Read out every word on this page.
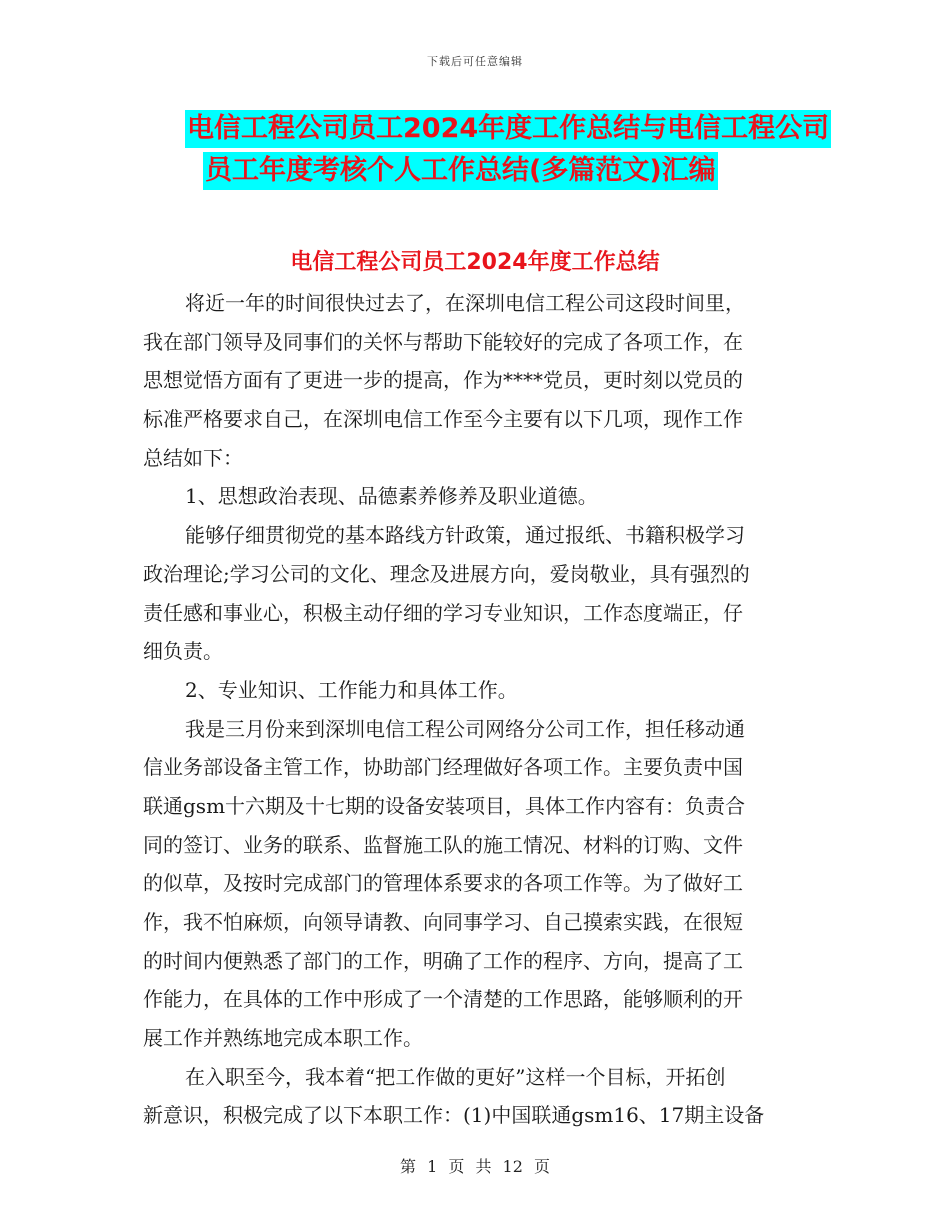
下载后可任意编辑
电信工程公司员工2024年度工作总结与电信工程公司
员工年度考核个人工作总结(多篇范文)汇编
电信工程公司员工2024年度工作总结
将近一年的时间很快过去了，在深圳电信工程公司这段时间里，
我在部门领导及同事们的关怀与帮助下能较好的完成了各项工作，在
思想觉悟方面有了更进一步的提高，作为****党员，更时刻以党员的
标准严格要求自己，在深圳电信工作至今主要有以下几项，现作工作
总结如下：
1、思想政治表现、品德素养修养及职业道德。
能够仔细贯彻党的基本路线方针政策，通过报纸、书籍积极学习
政治理论;学习公司的文化、理念及进展方向，爱岗敬业，具有强烈的
责任感和事业心，积极主动仔细的学习专业知识，工作态度端正，仔
细负责。
2、专业知识、工作能力和具体工作。
我是三月份来到深圳电信工程公司网络分公司工作，担任移动通
信业务部设备主管工作，协助部门经理做好各项工作。主要负责中国
联通gsm十六期及十七期的设备安装项目，具体工作内容有：负责合
同的签订、业务的联系、监督施工队的施工情况、材料的订购、文件
的似草，及按时完成部门的管理体系要求的各项工作等。为了做好工
作，我不怕麻烦，向领导请教、向同事学习、自己摸索实践，在很短
的时间内便熟悉了部门的工作，明确了工作的程序、方向，提高了工
作能力，在具体的工作中形成了一个清楚的工作思路，能够顺利的开
展工作并熟练地完成本职工作。
在入职至今，我本着“把工作做的更好”这样一个目标，开拓创
新意识，积极完成了以下本职工作：(1)中国联通gsm16、17期主设备
第 1 页 共 12 页
